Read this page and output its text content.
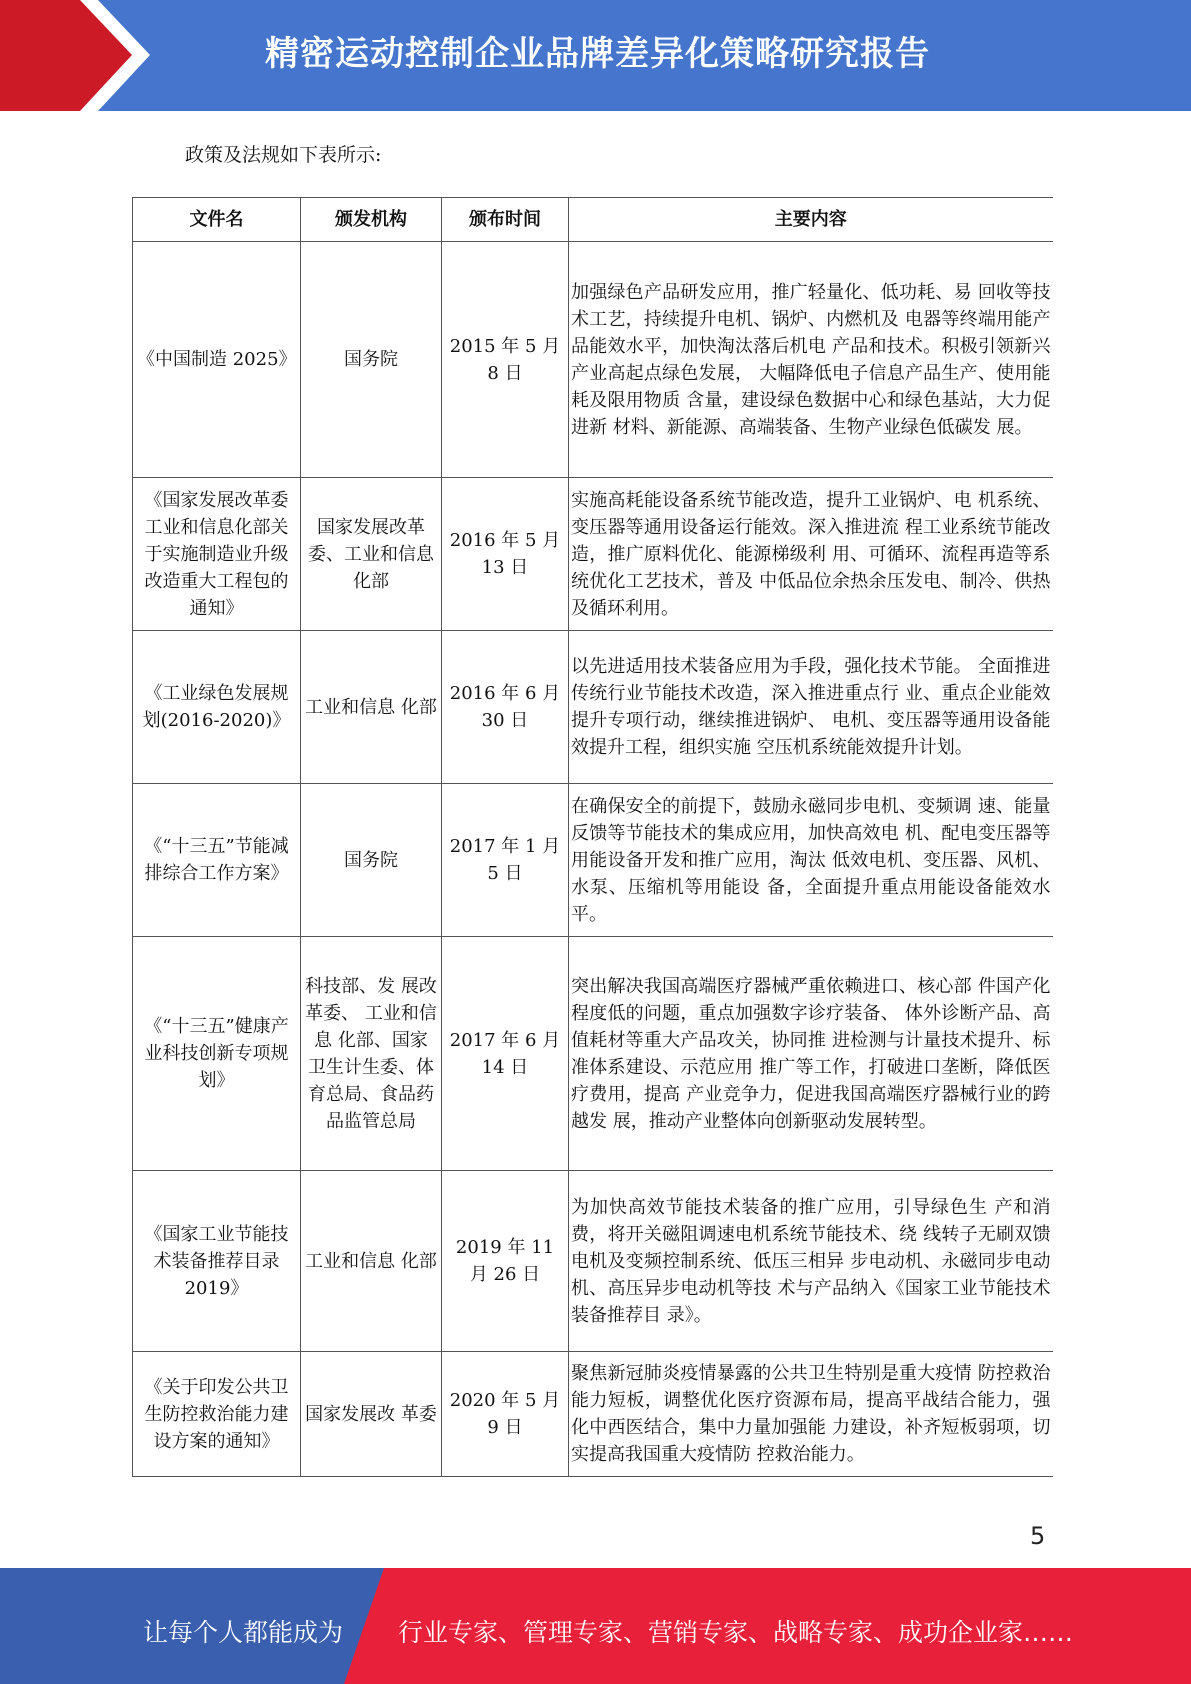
精密运动控制企业品牌差异化策略研究报告
政策及法规如下表所示:
文件名	颁发机构	颁布时间	主要内容
《中国制造 2025》	国务院	2015 年 5 月 8 日	加强绿色产品研发应用，推广轻量化、低功耗、易 回收等技术工艺，持续提升电机、锅炉、内燃机及 电器等终端用能产品能效水平，加快淘汰落后机电 产品和技术。积极引领新兴产业高起点绿色发展， 大幅降低电子信息产品生产、使用能耗及限用物质 含量，建设绿色数据中心和绿色基站，大力促进新 材料、新能源、高端装备、生物产业绿色低碳发 展。
《国家发展改革委工业和信息化部关于实施制造业升级改造重大工程包的通知》	国家发展改革委、工业和信息化部	2016 年 5 月 13 日	实施高耗能设备系统节能改造，提升工业锅炉、电 机系统、变压器等通用设备运行能效。深入推进流 程工业系统节能改造，推广原料优化、能源梯级利 用、可循环、流程再造等系统优化工艺技术，普及 中低品位余热余压发电、制冷、供热及循环利用。
《工业绿色发展规划(2016-2020)》	工业和信息 化部	2016 年 6 月 30 日	以先进适用技术装备应用为手段，强化技术节能。 全面推进传统行业节能技术改造，深入推进重点行 业、重点企业能效提升专项行动，继续推进锅炉、 电机、变压器等通用设备能效提升工程，组织实施 空压机系统能效提升计划。
《“十三五”节能减排综合工作方案》	国务院	2017 年 1 月 5 日	在确保安全的前提下，鼓励永磁同步电机、变频调 速、能量反馈等节能技术的集成应用，加快高效电 机、配电变压器等用能设备开发和推广应用，淘汰 低效电机、变压器、风机、水泵、压缩机等用能设 备，全面提升重点用能设备能效水平。
《“十三五”健康产业科技创新专项规划》	科技部、发 展改革委、 工业和信息 化部、国家 卫生计生委、体育总局、食品药 品监管总局	2017 年 6 月 14 日	突出解决我国高端医疗器械严重依赖进口、核心部 件国产化程度低的问题，重点加强数字诊疗装备、 体外诊断产品、高值耗材等重大产品攻关，协同推 进检测与计量技术提升、标准体系建设、示范应用 推广等工作，打破进口垄断，降低医疗费用，提高 产业竞争力，促进我国高端医疗器械行业的跨越发 展，推动产业整体向创新驱动发展转型。
《国家工业节能技术装备推荐目录 2019》	工业和信息 化部	2019 年 11 月 26 日	为加快高效节能技术装备的推广应用，引导绿色生 产和消费，将开关磁阻调速电机系统节能技术、绕 线转子无刷双馈电机及变频控制系统、低压三相异 步电动机、永磁同步电动机、高压异步电动机等技 术与产品纳入《国家工业节能技术装备推荐目 录》。
《关于印发公共卫生防控救治能力建设方案的通知》	国家发展改 革委	2020 年 5 月 9 日	聚焦新冠肺炎疫情暴露的公共卫生特别是重大疫情 防控救治能力短板，调整优化医疗资源布局，提高平战结合能力，强化中西医结合，集中力量加强能 力建设，补齐短板弱项，切实提高我国重大疫情防 控救治能力。
5
让每个人都能成为 行业专家、管理专家、营销专家、战略专家、成功企业家……
